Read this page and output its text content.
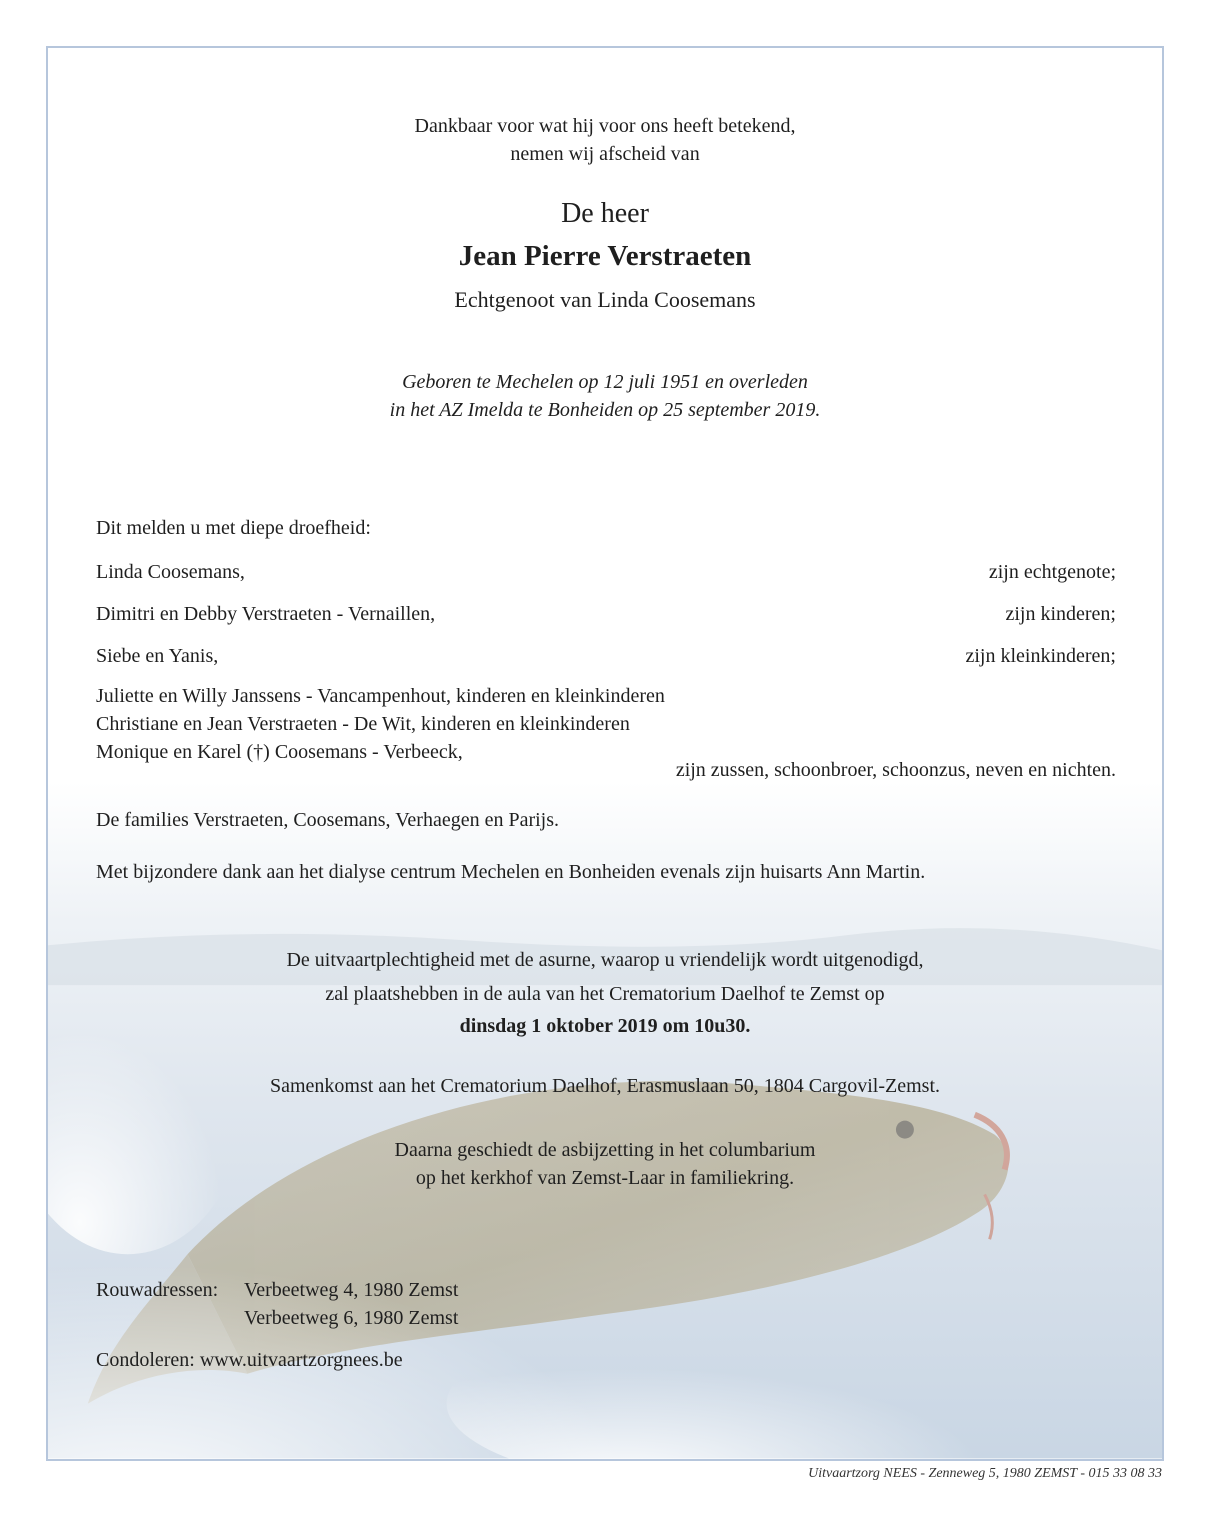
Dankbaar voor wat hij voor ons heeft betekend,
nemen wij afscheid van
De heer
Jean Pierre Verstraeten
Echtgenoot van Linda Coosemans
Geboren te Mechelen op 12 juli 1951 en overleden
in het AZ Imelda te Bonheiden op 25 september 2019.
Dit melden u met diepe droefheid:
Linda Coosemans,	zijn echtgenote;
Dimitri en Debby Verstraeten - Vernaillen,	zijn kinderen;
Siebe en Yanis,	zijn kleinkinderen;
Juliette en Willy Janssens - Vancampenhout, kinderen en kleinkinderen
Christiane en Jean Verstraeten - De Wit, kinderen en kleinkinderen
Monique en Karel (†) Coosemans - Verbeeck,
zijn zussen, schoonbroer, schoonzus, neven en nichten.
De families Verstraeten, Coosemans, Verhaegen en Parijs.
Met bijzondere dank aan het dialyse centrum Mechelen en Bonheiden evenals zijn huisarts Ann Martin.
De uitvaartplechtigheid met de asurne, waarop u vriendelijk wordt uitgenodigd,
zal plaatshebben in de aula van het Crematorium Daelhof te Zemst op
dinsdag 1 oktober 2019 om 10u30.
Samenkomst aan het Crematorium Daelhof, Erasmuslaan 50, 1804 Cargovil-Zemst.
Daarna geschiedt de asbijzetting in het columbarium
op het kerkhof van Zemst-Laar in familiekring.
Rouwadressen: Verbeetweg 4, 1980 Zemst
Verbeetweg 6, 1980 Zemst
Condoleren: www.uitvaartzorgnees.be
Uitvaartzorg NEES - Zenneweg 5, 1980 ZEMST - 015 33 08 33
